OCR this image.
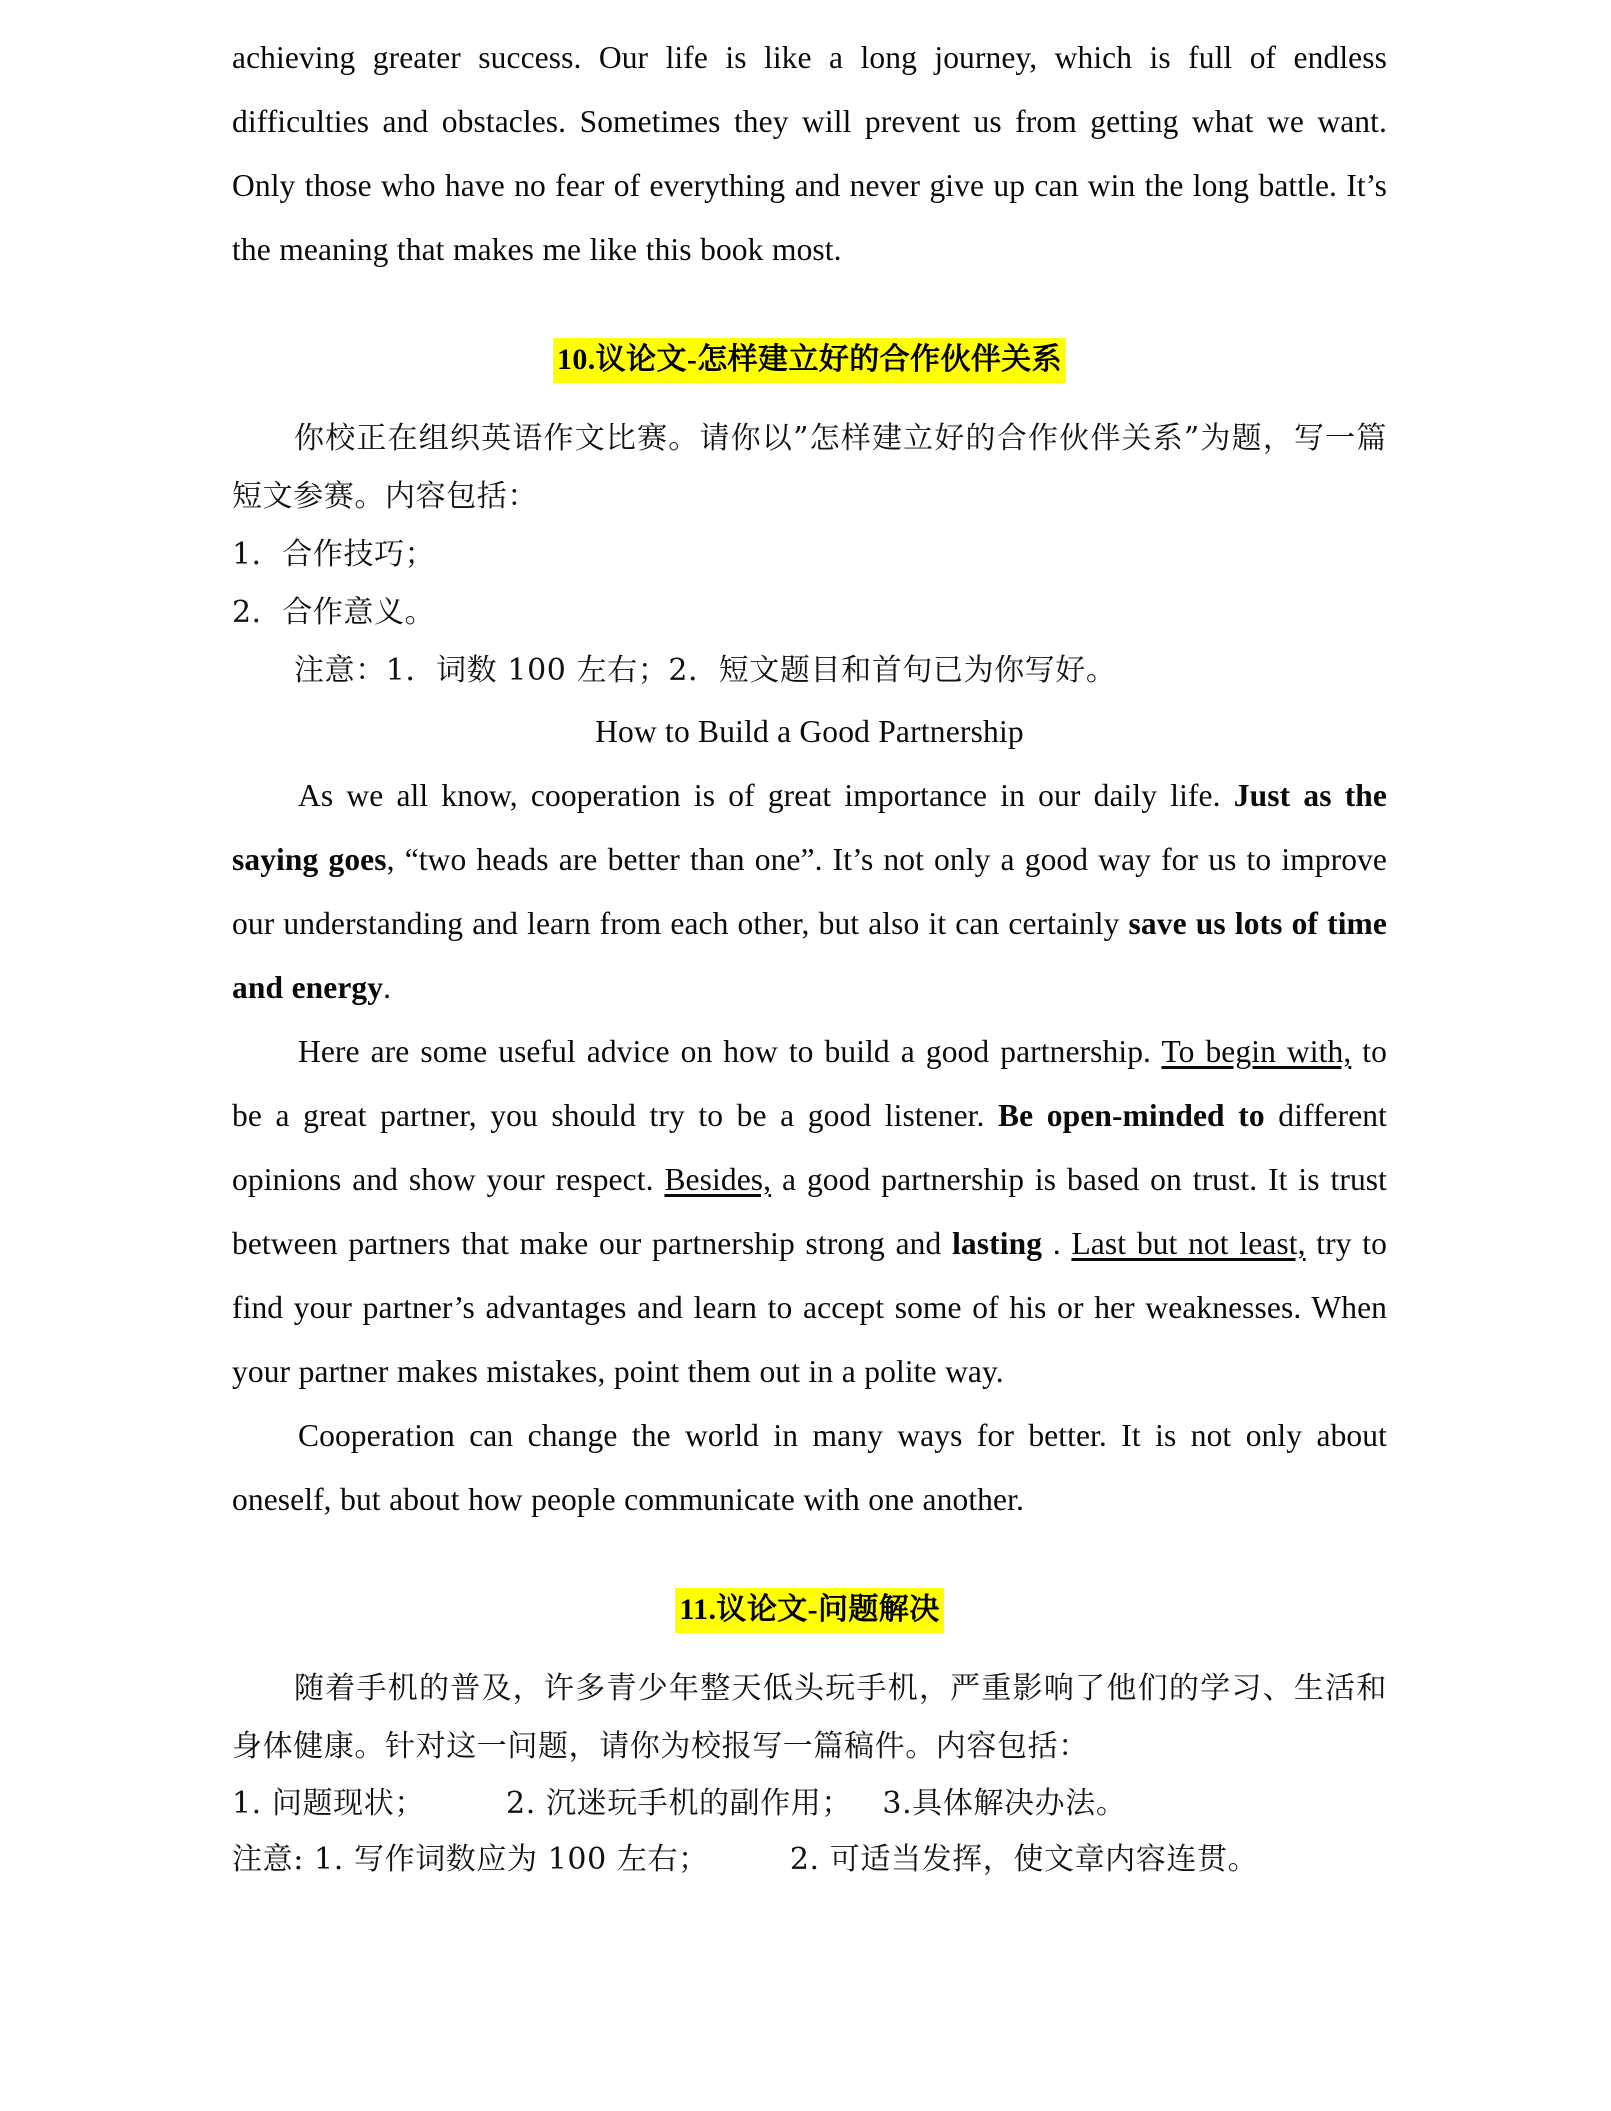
achieving greater success. Our life is like a long journey, which is full of endless difficulties and obstacles. Sometimes they will prevent us from getting what we want. Only those who have no fear of everything and never give up can win the long battle. It’s the meaning that makes me like this book most.

10.议论文-怎样建立好的合作伙伴关系

你校正在组织英语作文比赛。请你以”怎样建立好的合作伙伴关系”为题，写一篇短文参赛。内容包括：

1．合作技巧；

2．合作意义。

注意：1．词数 100 左右；2．短文题目和首句已为你写好。

How to Build a Good Partnership

As we all know, cooperation is of great importance in our daily life. Just as the saying goes, “two heads are better than one”. It’s not only a good way for us to improve our understanding and learn from each other, but also it can certainly save us lots of time and energy.

Here are some useful advice on how to build a good partnership. To begin with, to be a great partner, you should try to be a good listener. Be open-minded to different opinions and show your respect. Besides, a good partnership is based on trust. It is trust between partners that make our partnership strong and lasting . Last but not least, try to find your partner’s advantages and learn to accept some of his or her weaknesses. When your partner makes mistakes, point them out in a polite way.

Cooperation can change the world in many ways for better. It is not only about oneself, but about how people communicate with one another.

11.议论文-问题解决

随着手机的普及，许多青少年整天低头玩手机，严重影响了他们的学习、生活和身体健康。针对这一问题，请你为校报写一篇稿件。内容包括：

1. 问题现状；        2. 沉迷玩手机的副作用；   3.具体解决办法。

注意: 1. 写作词数应为 100 左右；        2. 可适当发挥，使文章内容连贯。
